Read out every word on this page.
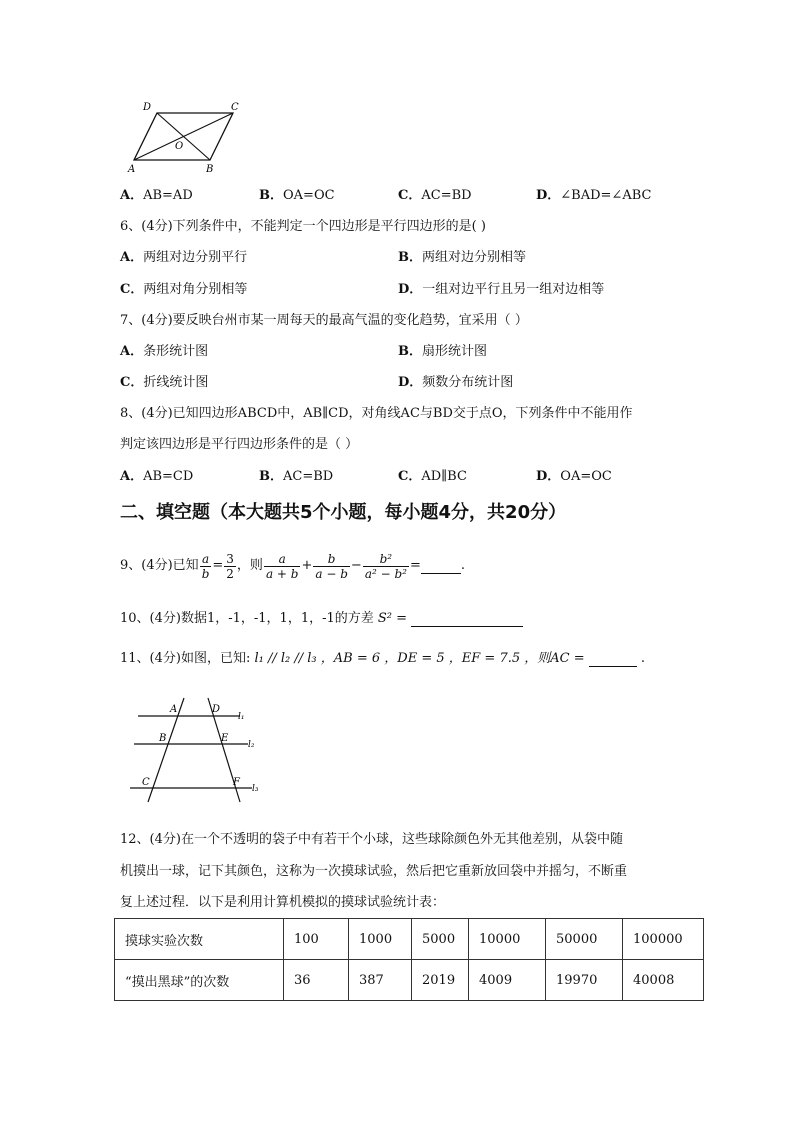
D	C
O
A	B
A．AB=AD	B．OA=OC	C．AC=BD	D．∠BAD=∠ABC
6、(4分)下列条件中，不能判定一个四边形是平行四边形的是( )
A．两组对边分别平行	B．两组对边分别相等
C．两组对角分别相等	D．一组对边平行且另一组对边相等
7、(4分)要反映台州市某一周每天的最高气温的变化趋势，宜采用（ ）
A．条形统计图	B．扇形统计图
C．折线统计图	D．频数分布统计图
8、(4分)已知四边形ABCD中，AB∥CD，对角线AC与BD交于点O，下列条件中不能用作
判定该四边形是平行四边形条件的是（ ）
A．AB=CD	B．AC=BD	C．AD∥BC	D．OA=OC
二、填空题（本大题共5个小题，每小题4分，共20分）
9、(4分)已知 $\frac{a}{b} = \frac{3}{2}$ ，则 $\frac{a}{a + b} + \frac{b}{a - b} - \frac{\text{b²}}{\text{a² − b²}}$ =	.
10、(4分)数据1，-1，-1，1，1，-1的方差 S² =
11、(4分)如图，已知: l₁ // l₂ // l₃ ，AB = 6 ，DE = 5 ，EF = 7.5 ，则AC =	.
A	D
l₁
B	E
l₂
C	F
l₃
12、(4分)在一个不透明的袋子中有若干个小球，这些球除颜色外无其他差别，从袋中随
机摸出一球，记下其颜色，这称为一次摸球试验，然后把它重新放回袋中并摇匀，不断重
复上述过程．以下是利用计算机模拟的摸球试验统计表：
摸球实验次数	100	1000	5000	10000	50000	100000
“摸出黑球”的次数	36	387	2019	4009	19970	40008
